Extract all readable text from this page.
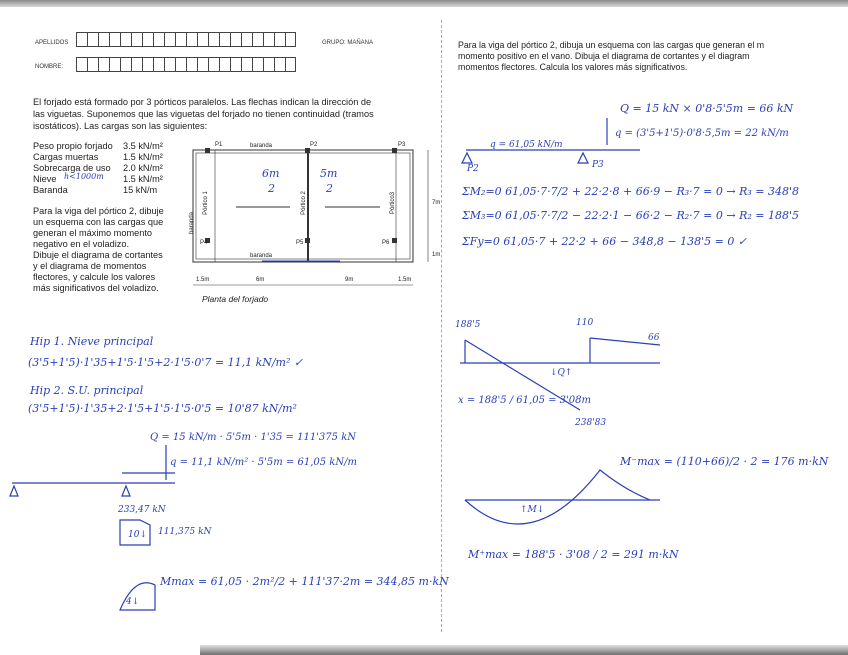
APELLIDOS	GRUPO: MAÑANA
NOMBRE:
El forjado está formado por 3 pórticos paralelos. Las flechas indican la dirección de
las viguetas. Suponemos que las viguetas del forjado no tienen continuidad (tramos
isostáticos). Las cargas son las siguientes:
Peso propio forjado 3.5 kN/m²
Cargas muertas	1.5 kN/m²
Sobrecarga de uso 2.0 kN/m²
Nieve	1.5 kN/m²
Baranda	15 kN/m
h<1000m
Para la viga del pórtico 2, dibuje
un esquema con las cargas que
generan el máximo momento
negativo en el voladizo.
Dibuje el diagrama de cortantes
y el diagrama de momentos
flectores, y calcule los valores
más significativos del voladizo.
P1	P2	P3
P4	P5	P6
baranda
baranda
baranda
Pórtico 1	Pórtico 2	Pórtico3
1.5m	6m	9m	1.5m
7m
1m
6m
2
5m
2
Planta del forjado
Hip 1. Nieve principal
(3'5+1'5)·1'35+1'5·1'5+2·1'5·0'7 = 11,1 kN/m² ✓
Hip 2. S.U. principal
(3'5+1'5)·1'35+2·1'5+1'5·1'5·0'5 = 10'87 kN/m²
Q = 15 kN/m · 5'5m · 1'35 = 111'375 kN
q = 11,1 kN/m² · 5'5m = 61,05 kN/m
233,47 kN
111,375 kN
10↓
4↓
Mmax = 61,05 · 2m²/2 + 111'37·2m = 344,85 m·kN
Para la viga del pórtico 2, dibuja un esquema con las cargas que generan el m
momento positivo en el vano. Dibuja el diagrama de cortantes y el diagram
momentos flectores. Calcula los valores más significativos.
Q = 15 kN × 0'8·5'5m = 66 kN
q = (3'5+1'5)·0'8·5,5m = 22 kN/m
q = 61,05 kN/m
P2	P3
ΣM₂=0 61,05·7·7/2 + 22·2·8 + 66·9 − R₃·7 = 0 → R₃ = 348'8
ΣM₃=0 61,05·7·7/2 − 22·2·1 − 66·2 − R₂·7 = 0 → R₂ = 188'5
ΣFy=0 61,05·7 + 22·2 + 66 − 348,8 − 138'5 = 0 ✓
188'5	110
66
↓Q↑
x = 188'5 / 61,05 = 3'08m
238'83
M⁻max = (110+66)/2 · 2 = 176 m·kN
↑M↓
M⁺max = 188'5 · 3'08 / 2 = 291 m·kN
